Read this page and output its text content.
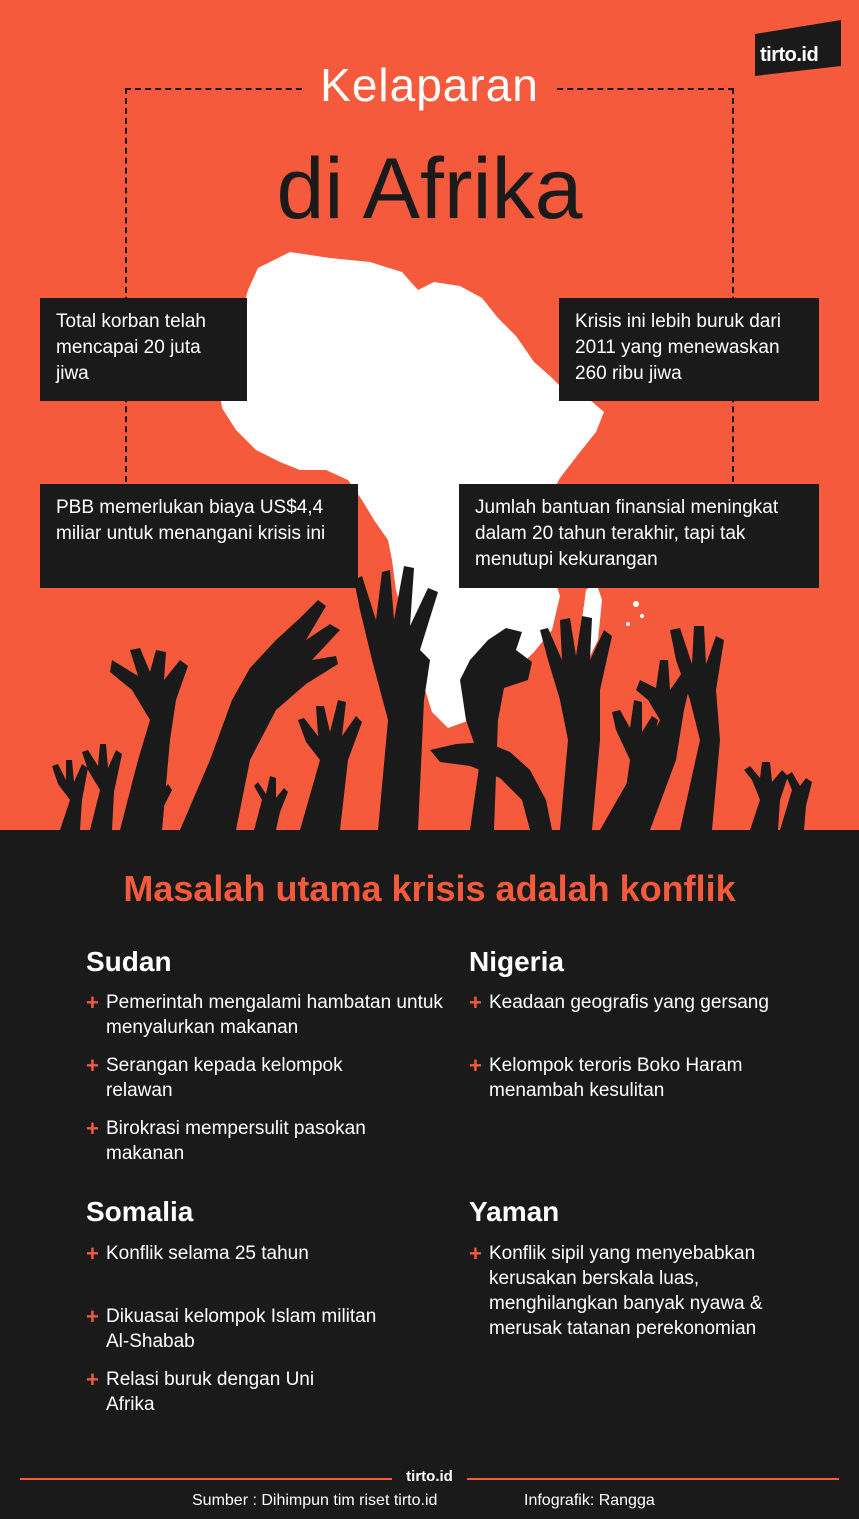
Kelaparan
di Afrika
tirto.id
Total korban telah mencapai 20 juta jiwa
Krisis ini lebih buruk dari 2011 yang menewaskan 260 ribu jiwa
PBB memerlukan biaya US$4,4 miliar untuk menangani krisis ini
Jumlah bantuan finansial meningkat dalam 20 tahun terakhir, tapi tak menutupi kekurangan
Masalah utama krisis adalah konflik
Sudan
+ Pemerintah mengalami hambatan untuk menyalurkan makanan
+ Serangan kepada kelompok relawan
+ Birokrasi mempersulit pasokan makanan
Nigeria
+ Keadaan geografis yang gersang
+ Kelompok teroris Boko Haram menambah kesulitan
Somalia
+ Konflik selama 25 tahun
+ Dikuasai kelompok Islam militan Al-Shabab
+ Relasi buruk dengan Uni Afrika
Yaman
+ Konflik sipil yang menyebabkan kerusakan berskala luas, menghilangkan banyak nyawa & merusak tatanan perekonomian
tirto.id
Sumber : Dihimpun tim riset tirto.id	Infografik: Rangga
